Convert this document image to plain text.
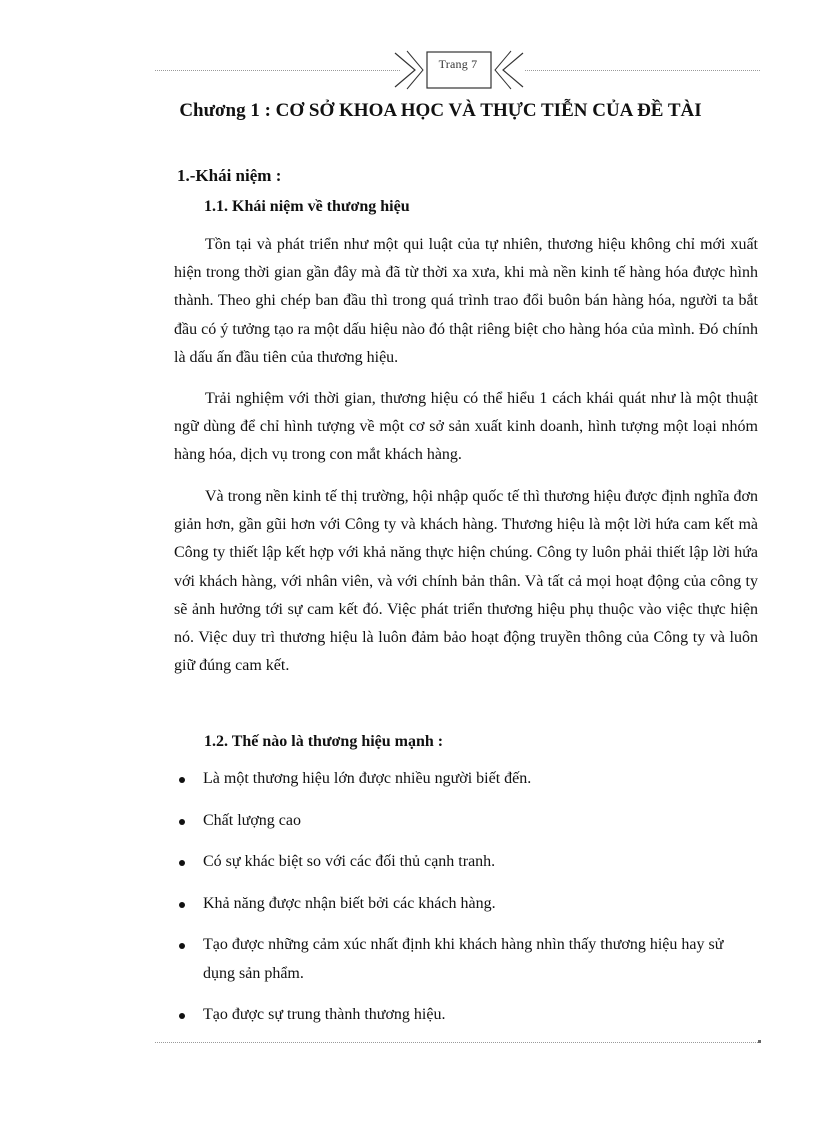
Trang 7
Chương 1 : CƠ SỞ KHOA HỌC VÀ THỰC TIỄN CỦA ĐỀ TÀI
1.-Khái niệm :
1.1. Khái niệm về thương hiệu

Tồn tại và phát triển như một qui luật của tự nhiên, thương hiệu không chỉ mới xuất hiện trong thời gian gần đây mà đã từ thời xa xưa, khi mà nền kinh tế hàng hóa được hình thành. Theo ghi chép ban đầu thì trong quá trình trao đổi buôn bán hàng hóa, người ta bắt đầu có ý tưởng tạo ra một dấu hiệu nào đó thật riêng biệt cho hàng hóa của mình. Đó chính là dấu ấn đầu tiên của thương hiệu.

Trải nghiệm với thời gian, thương hiệu có thể hiểu 1 cách khái quát như là một thuật ngữ dùng để chỉ hình tượng về một cơ sở sản xuất kinh doanh, hình tượng một loại nhóm hàng hóa, dịch vụ trong con mắt khách hàng.

Và trong nền kinh tế thị trường, hội nhập quốc tế thì thương hiệu được định nghĩa đơn giản hơn, gần gũi hơn với Công ty và khách hàng. Thương hiệu là một lời hứa cam kết mà Công ty thiết lập kết hợp với khả năng thực hiện chúng. Công ty luôn phải thiết lập lời hứa với khách hàng, với nhân viên, và với chính bản thân. Và tất cả mọi hoạt động của công ty sẽ ảnh hưởng tới sự cam kết đó. Việc phát triển thương hiệu phụ thuộc vào việc thực hiện nó. Việc duy trì thương hiệu là luôn đảm bảo hoạt động truyền thông của Công ty và luôn giữ đúng cam kết.

1.2. Thế nào là thương hiệu mạnh :
Là một thương hiệu lớn được nhiều người biết đến.
Chất lượng cao
Có sự khác biệt so với các đối thủ cạnh tranh.
Khả năng được nhận biết bởi các khách hàng.
Tạo được những cảm xúc nhất định khi khách hàng nhìn thấy thương hiệu hay sử dụng sản phẩm.
Tạo được sự trung thành thương hiệu.
